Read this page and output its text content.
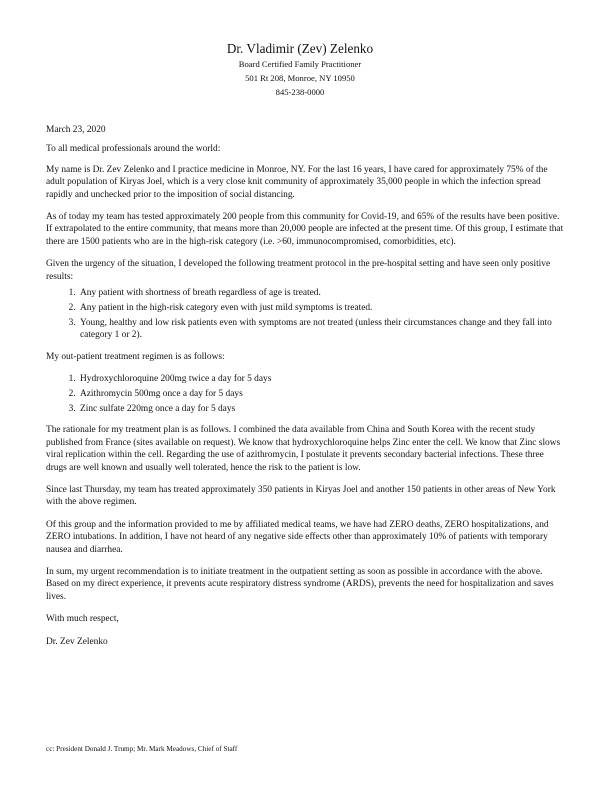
Dr. Vladimir (Zev) Zelenko
Board Certified Family Practitioner
501 Rt 208, Monroe, NY 10950
845-238-0000

March 23, 2020

To all medical professionals around the world:

My name is Dr. Zev Zelenko and I practice medicine in Monroe, NY. For the last 16 years, I have cared for approximately 75% of the adult population of Kiryas Joel, which is a very close knit community of approximately 35,000 people in which the infection spread rapidly and unchecked prior to the imposition of social distancing.

As of today my team has tested approximately 200 people from this community for Covid-19, and 65% of the results have been positive. If extrapolated to the entire community, that means more than 20,000 people are infected at the present time. Of this group, I estimate that there are 1500 patients who are in the high-risk category (i.e. >60, immunocompromised, comorbidities, etc).

Given the urgency of the situation, I developed the following treatment protocol in the pre-hospital setting and have seen only positive results:

1. Any patient with shortness of breath regardless of age is treated.
2. Any patient in the high-risk category even with just mild symptoms is treated.
3. Young, healthy and low risk patients even with symptoms are not treated (unless their circumstances change and they fall into category 1 or 2).

My out-patient treatment regimen is as follows:

1. Hydroxychloroquine 200mg twice a day for 5 days
2. Azithromycin 500mg once a day for 5 days
3. Zinc sulfate 220mg once a day for 5 days

The rationale for my treatment plan is as follows. I combined the data available from China and South Korea with the recent study published from France (sites available on request). We know that hydroxychloroquine helps Zinc enter the cell. We know that Zinc slows viral replication within the cell. Regarding the use of azithromycin, I postulate it prevents secondary bacterial infections. These three drugs are well known and usually well tolerated, hence the risk to the patient is low.

Since last Thursday, my team has treated approximately 350 patients in Kiryas Joel and another 150 patients in other areas of New York with the above regimen.

Of this group and the information provided to me by affiliated medical teams, we have had ZERO deaths, ZERO hospitalizations, and ZERO intubations. In addition, I have not heard of any negative side effects other than approximately 10% of patients with temporary nausea and diarrhea.

In sum, my urgent recommendation is to initiate treatment in the outpatient setting as soon as possible in accordance with the above. Based on my direct experience, it prevents acute respiratory distress syndrome (ARDS), prevents the need for hospitalization and saves lives.

With much respect,

Dr. Zev Zelenko

cc: President Donald J. Trump; Mr. Mark Meadows, Chief of Staff
